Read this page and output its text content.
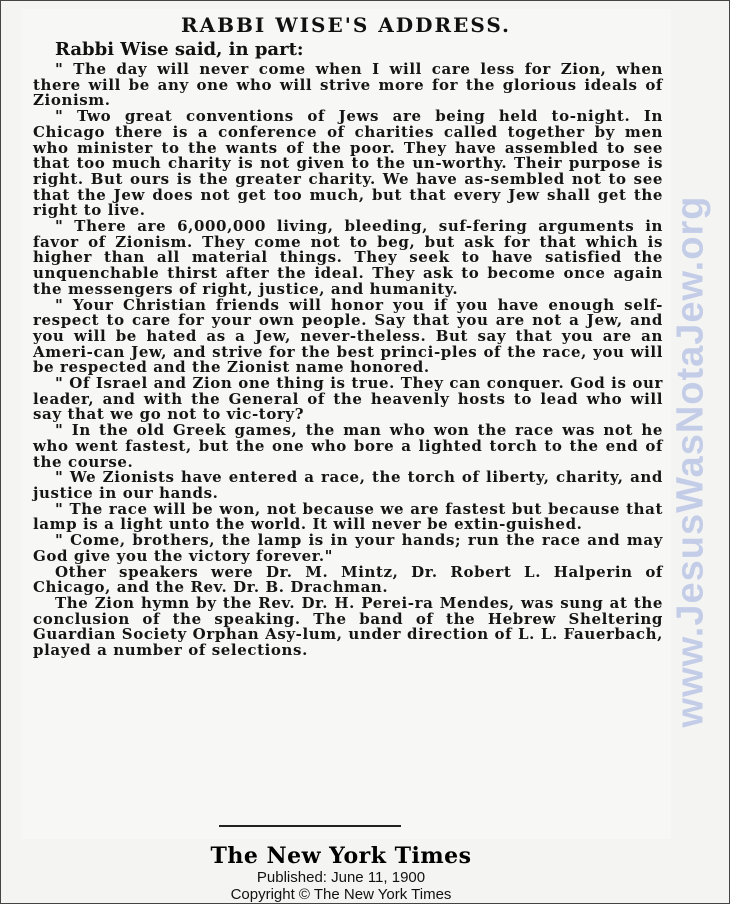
RABBI WISE'S ADDRESS.
Rabbi Wise said, in part:

" The day will never come when I will care less for Zion, when there will be any one who will strive more for the glorious ideals of Zionism.

" Two great conventions of Jews are being held to-night. In Chicago there is a conference of charities called together by men who minister to the wants of the poor. They have assembled to see that too much charity is not given to the un-worthy. Their purpose is right. But ours is the greater charity. We have as-sembled not to see that the Jew does not get too much, but that every Jew shall get the right to live.

" There are 6,000,000 living, bleeding, suf-fering arguments in favor of Zionism. They come not to beg, but ask for that which is higher than all material things. They seek to have satisfied the unquenchable thirst after the ideal. They ask to become once again the messengers of right, justice, and humanity.

" Your Christian friends will honor you if you have enough self-respect to care for your own people. Say that you are not a Jew, and you will be hated as a Jew, never-theless. But say that you are an Ameri-can Jew, and strive for the best princi-ples of the race, you will be respected and the Zionist name honored.

" Of Israel and Zion one thing is true. They can conquer. God is our leader, and with the General of the heavenly hosts to lead who will say that we go not to vic-tory?

" In the old Greek games, the man who won the race was not he who went fastest, but the one who bore a lighted torch to the end of the course.

" We Zionists have entered a race, the torch of liberty, charity, and justice in our hands.

" The race will be won, not because we are fastest but because that lamp is a light unto the world. It will never be extin-guished.

" Come, brothers, the lamp is in your hands; run the race and may God give you the victory forever."

Other speakers were Dr. M. Mintz, Dr. Robert L. Halperin of Chicago, and the Rev. Dr. B. Drachman.

The Zion hymn by the Rev. Dr. H. Perei-ra Mendes, was sung at the conclusion of the speaking. The band of the Hebrew Sheltering Guardian Society Orphan Asy-lum, under direction of L. L. Fauerbach, played a number of selections.

The New York Times
Published: June 11, 1900
Copyright © The New York Times
www.JesusWasNotaJew.org
